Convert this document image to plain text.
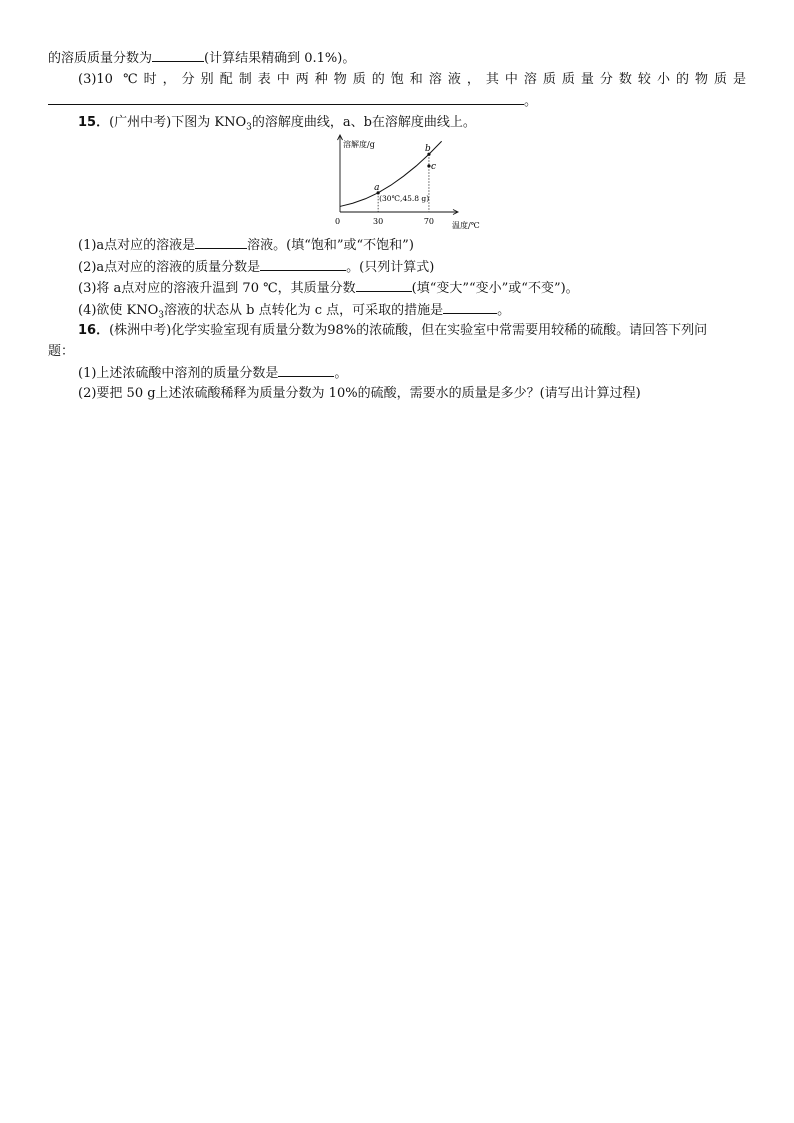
的溶质质量分数为	(计算结果精确到 0.1%)。
(3)10 ℃时，分别配制表中两种物质的饱和溶液，其中溶质质量分数较小的物质是
。
15．(广州中考)下图为 $KNO_3$的溶解度曲线，a、b在溶解度曲线上。
溶解度/g
温度/℃
0	30	70
a
(30℃,45.8 g)
b
c
(1)a点对应的溶液是	溶液。(填“饱和”或“不饱和”)
(2)a点对应的溶液的质量分数是	。(只列计算式)
(3)将 a点对应的溶液升温到 70 ℃，其质量分数	(填“变大”“变小”或“不变”)。
(4)欲使 $KNO_3$溶液的状态从 b 点转化为 c 点，可采取的措施是	。
16．(株洲中考)化学实验室现有质量分数为98%的浓硫酸，但在实验室中常需要用较稀的硫酸。请回答下列问
题：
(1)上述浓硫酸中溶剂的质量分数是	。
(2)要把 50 g上述浓硫酸稀释为质量分数为 10%的硫酸，需要水的质量是多少？(请写出计算过程)
